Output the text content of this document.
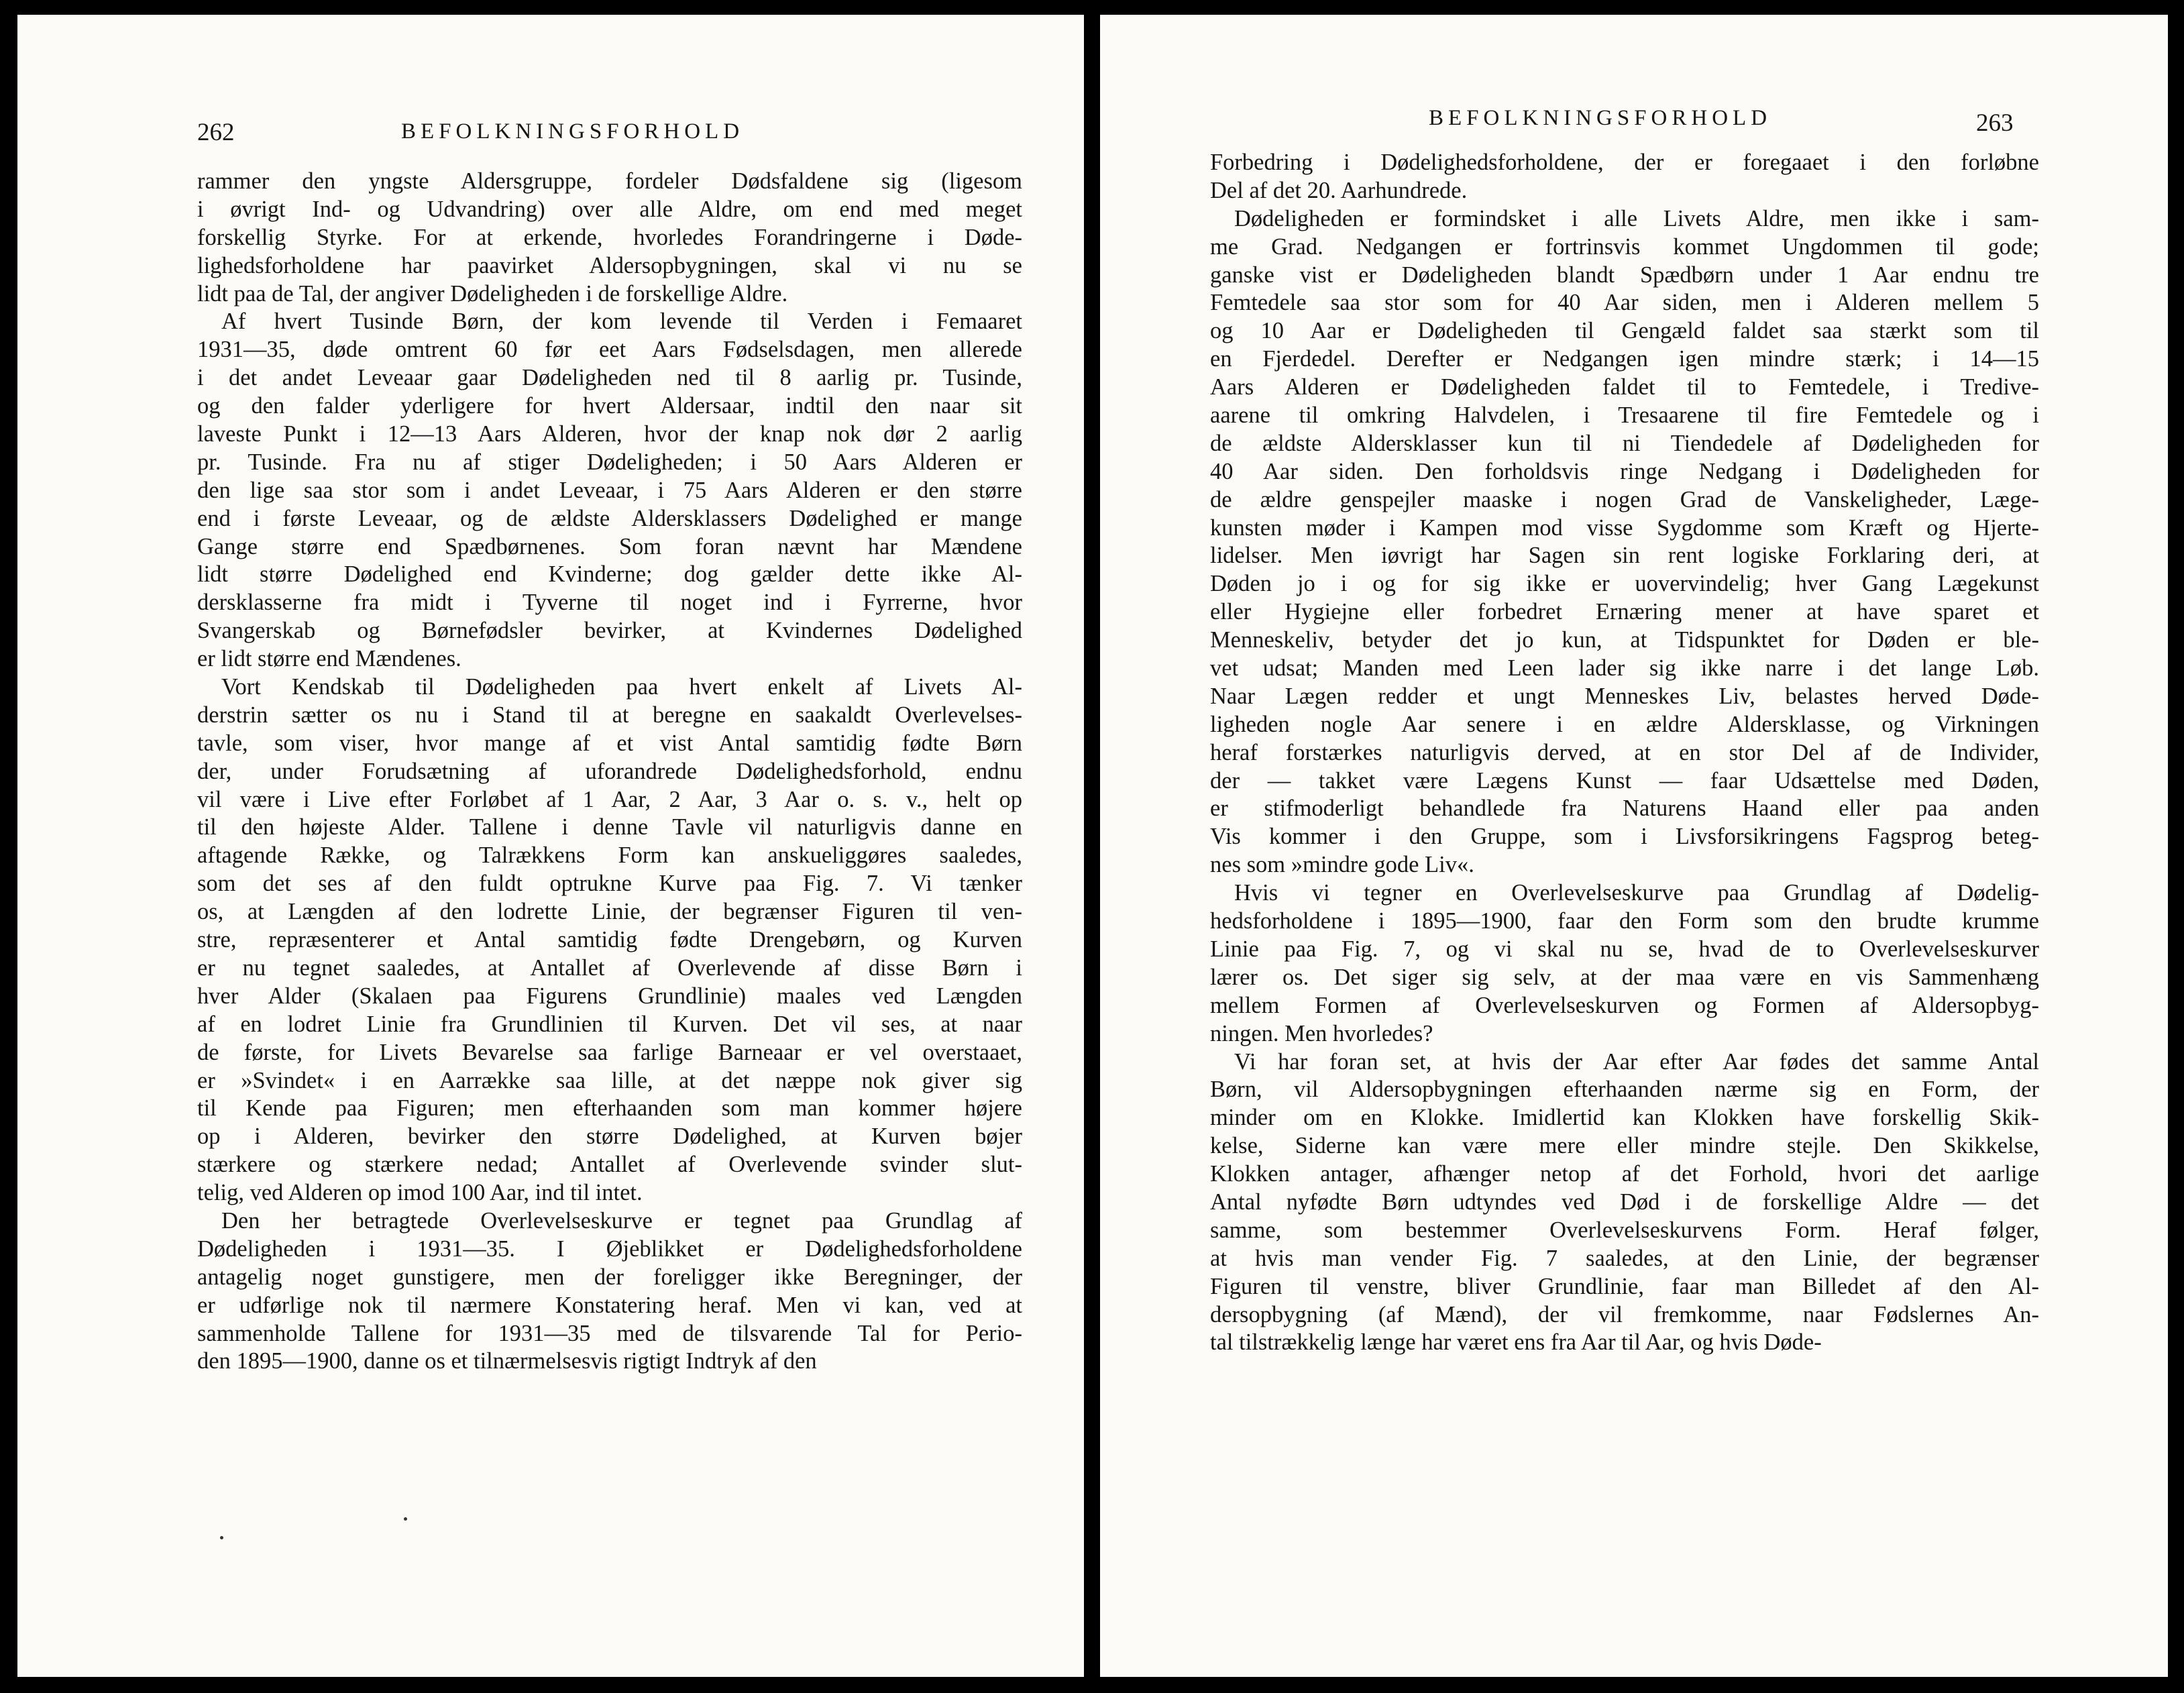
262	BEFOLKNINGSFORHOLD

rammer den yngste Aldersgruppe, fordeler Dødsfaldene sig (ligesom
i øvrigt Ind- og Udvandring) over alle Aldre, om end med meget
forskellig Styrke. For at erkende, hvorledes Forandringerne i Døde-
lighedsforholdene har paavirket Aldersopbygningen, skal vi nu se
lidt paa de Tal, der angiver Dødeligheden i de forskellige Aldre.

Af hvert Tusinde Børn, der kom levende til Verden i Femaaret
1931—35, døde omtrent 60 før eet Aars Fødselsdagen, men allerede
i det andet Leveaar gaar Dødeligheden ned til 8 aarlig pr. Tusinde,
og den falder yderligere for hvert Aldersaar, indtil den naar sit
laveste Punkt i 12—13 Aars Alderen, hvor der knap nok dør 2 aarlig
pr. Tusinde. Fra nu af stiger Dødeligheden; i 50 Aars Alderen er
den lige saa stor som i andet Leveaar, i 75 Aars Alderen er den større
end i første Leveaar, og de ældste Aldersklassers Dødelighed er mange
Gange større end Spædbørnenes. Som foran nævnt har Mændene
lidt større Dødelighed end Kvinderne; dog gælder dette ikke Al-
dersklasserne fra midt i Tyverne til noget ind i Fyrrerne, hvor
Svangerskab og Børnefødsler bevirker, at Kvindernes Dødelighed
er lidt større end Mændenes.

Vort Kendskab til Dødeligheden paa hvert enkelt af Livets Al-
derstrin sætter os nu i Stand til at beregne en saakaldt Overlevelses-
tavle, som viser, hvor mange af et vist Antal samtidig fødte Børn
der, under Forudsætning af uforandrede Dødelighedsforhold, endnu
vil være i Live efter Forløbet af 1 Aar, 2 Aar, 3 Aar o. s. v., helt op
til den højeste Alder. Tallene i denne Tavle vil naturligvis danne en
aftagende Række, og Talrækkens Form kan anskueliggøres saaledes,
som det ses af den fuldt optrukne Kurve paa Fig. 7. Vi tænker
os, at Længden af den lodrette Linie, der begrænser Figuren til ven-
stre, repræsenterer et Antal samtidig fødte Drengebørn, og Kurven
er nu tegnet saaledes, at Antallet af Overlevende af disse Børn i
hver Alder (Skalaen paa Figurens Grundlinie) maales ved Længden
af en lodret Linie fra Grundlinien til Kurven. Det vil ses, at naar
de første, for Livets Bevarelse saa farlige Barneaar er vel overstaaet,
er »Svindet« i en Aarrække saa lille, at det næppe nok giver sig
til Kende paa Figuren; men efterhaanden som man kommer højere
op i Alderen, bevirker den større Dødelighed, at Kurven bøjer
stærkere og stærkere nedad; Antallet af Overlevende svinder slut-
telig, ved Alderen op imod 100 Aar, ind til intet.

Den her betragtede Overlevelseskurve er tegnet paa Grundlag af
Dødeligheden i 1931—35. I Øjeblikket er Dødelighedsforholdene
antagelig noget gunstigere, men der foreligger ikke Beregninger, der
er udførlige nok til nærmere Konstatering heraf. Men vi kan, ved at
sammenholde Tallene for 1931—35 med de tilsvarende Tal for Perio-
den 1895—1900, danne os et tilnærmelsesvis rigtigt Indtryk af den

BEFOLKNINGSFORHOLD	263

Forbedring i Dødelighedsforholdene, der er foregaaet i den forløbne
Del af det 20. Aarhundrede.

Dødeligheden er formindsket i alle Livets Aldre, men ikke i sam-
me Grad. Nedgangen er fortrinsvis kommet Ungdommen til gode;
ganske vist er Dødeligheden blandt Spædbørn under 1 Aar endnu tre
Femtedele saa stor som for 40 Aar siden, men i Alderen mellem 5
og 10 Aar er Dødeligheden til Gengæld faldet saa stærkt som til
en Fjerdedel. Derefter er Nedgangen igen mindre stærk; i 14—15
Aars Alderen er Dødeligheden faldet til to Femtedele, i Tredive-
aarene til omkring Halvdelen, i Tresaarene til fire Femtedele og i
de ældste Aldersklasser kun til ni Tiendedele af Dødeligheden for
40 Aar siden. Den forholdsvis ringe Nedgang i Dødeligheden for
de ældre genspejler maaske i nogen Grad de Vanskeligheder, Læge-
kunsten møder i Kampen mod visse Sygdomme som Kræft og Hjerte-
lidelser. Men iøvrigt har Sagen sin rent logiske Forklaring deri, at
Døden jo i og for sig ikke er uovervindelig; hver Gang Lægekunst
eller Hygiejne eller forbedret Ernæring mener at have sparet et
Menneskeliv, betyder det jo kun, at Tidspunktet for Døden er ble-
vet udsat; Manden med Leen lader sig ikke narre i det lange Løb.
Naar Lægen redder et ungt Menneskes Liv, belastes herved Døde-
ligheden nogle Aar senere i en ældre Aldersklasse, og Virkningen
heraf forstærkes naturligvis derved, at en stor Del af de Individer,
der — takket være Lægens Kunst — faar Udsættelse med Døden,
er stifmoderligt behandlede fra Naturens Haand eller paa anden
Vis kommer i den Gruppe, som i Livsforsikringens Fagsprog beteg-
nes som »mindre gode Liv«.

Hvis vi tegner en Overlevelseskurve paa Grundlag af Dødelig-
hedsforholdene i 1895—1900, faar den Form som den brudte krumme
Linie paa Fig. 7, og vi skal nu se, hvad de to Overlevelseskurver
lærer os. Det siger sig selv, at der maa være en vis Sammenhæng
mellem Formen af Overlevelseskurven og Formen af Aldersopbyg-
ningen. Men hvorledes?

Vi har foran set, at hvis der Aar efter Aar fødes det samme Antal
Børn, vil Aldersopbygningen efterhaanden nærme sig en Form, der
minder om en Klokke. Imidlertid kan Klokken have forskellig Skik-
kelse, Siderne kan være mere eller mindre stejle. Den Skikkelse,
Klokken antager, afhænger netop af det Forhold, hvori det aarlige
Antal nyfødte Børn udtyndes ved Død i de forskellige Aldre — det
samme, som bestemmer Overlevelseskurvens Form. Heraf følger,
at hvis man vender Fig. 7 saaledes, at den Linie, der begrænser
Figuren til venstre, bliver Grundlinie, faar man Billedet af den Al-
dersopbygning (af Mænd), der vil fremkomme, naar Fødslernes An-
tal tilstrækkelig længe har været ens fra Aar til Aar, og hvis Døde-
